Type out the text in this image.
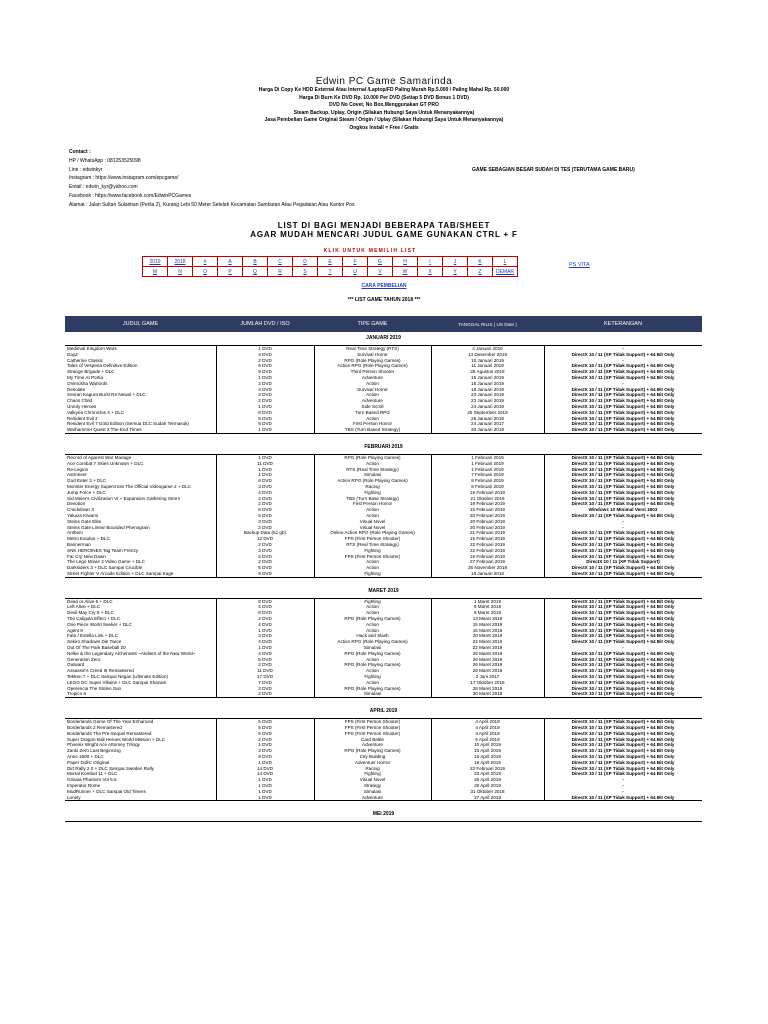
Edwin PC Game Samarinda
Harga Di Copy Ke HDD External Atau Internal /Laptop/FD Paling Murah Rp.5.000 / Paling Mahal Rp. 50.000
Harga Di Burn Ke DVD Rp. 10.000 Per DVD (Setiap 5 DVD Bonus 1 DVD)
DVD No Cover, No Box,Menggunakan GT PRO
Steam Backup, Uplay, Origin (Silakan Hubungi Saya Untuk Menanyakannya)
Jasa Pembelian Game Original Steam / Origin / Uplay (Silakan Hubungi Saya Untuk Menanyakannya)
Ongkos Install = Free / Gratis
Contact :
HP / WhatsApp : 081253525098
Line : edwinkyr
Instagram : https://www.instagram.com/epcgame/
Email : edwin_kyr@yahoo.com
Facebook : https://www.facebook.com/EdwinPCGames
Alamat : Jalan Sultan Sulaiman (Perlia 2), Kurang Lebi 50 Meter Setelah Kecamatan Sambutan Atau Pegadaian Atau Kantor Pos
GAME SEBAGIAN BESAR SUDAH DI TES (TERUTAMA GAME BARU)
LIST DI BAGI MENJADI BEBERAPA TAB/SHEET
AGAR MUDAH MENCARI JUDUL GAME GUNAKAN CTRL + F
KLIK UNTUK MEMILIH LIST
2019	2018	#	A	B	C	D	E	F	G	H	I	J	K	L
M	N	O	P	Q	R	S	T	U	V	W	X	Y	Z	DEMAR
PS VITA
CARA PEMBELIAN
*** LIST GAME TAHUN 2018 ***
JUDUL GAME	JUMLAH DVD / ISO	TIPE GAME	TANGGAL RILIS ( US Date )	KETERANGAN
JANUARI 2019
Medieval Kingdom Wars	1 DVD	Real Time Strategy (RTS)	4 Januari 2019	-
DayZ	4 DVD	Survival Horror	14 Desember 2018	DirectX 10 / 11 (XP Tidak Support) + 64 Bit Only
Catherine Classic	2 DVD	RPG (Role Playing Games)	10 Januari 2019	-
Tales of Vesperia Definitive Edition	6 DVD	Action RPG (Role Playing Games)	11 Januari 2019	DirectX 10 / 11 (XP Tidak Support) + 64 Bit Only
Strange Brigade + DLC	9 DVD	Third Person Shooter	28 Agustus 2018	DirectX 10 / 11 (XP Tidak Support) + 64 Bit Only
My Time At Portia	1 DVD	Adventure	15 Januari 2019	DirectX 10 / 11 (XP Tidak Support) + 64 Bit Only
Onimusha Warlords	2 DVD	Action	15 Januari 2019	-
Desolate	4 DVD	Survival Horror	18 Januari 2019	DirectX 10 / 11 (XP Tidak Support) + 64 Bit Only
Senran Kagura Burst Re:Newal + DLC	3 DVD	Action	23 Januari 2019	DirectX 10 / 11 (XP Tidak Support) + 64 Bit Only
Chaos Child	2 DVD	Adventure	23 Januari 2019	DirectX 10 / 11 (XP Tidak Support) + 64 Bit Only
Unruly Heroes	1 DVD	Side Scroll	24 Januari 2019	DirectX 10 / 11 (XP Tidak Support) + 64 Bit Only
Valkyria Chronicles 4 + DLC	8 DVD	Turn Based RPG	25 September 2018	DirectX 10 / 11 (XP Tidak Support) + 64 Bit Only
Resident Evil 2	6 DVD	Action	25 Januari 2019	DirectX 10 / 11 (XP Tidak Support) + 64 Bit Only
Resident Evil 7 Gold Edition (Semua DLC Sudah Termasuk)	9 DVD	First Person Horror	24 Januari 2017	DirectX 10 / 11 (XP Tidak Support) + 64 Bit Only
Warhammer Quest 2 The End Times	1 DVD	TBS (Turn Based Strategy)	30 Januari 2019	DirectX 10 / 11 (XP Tidak Support) + 64 Bit Only
FEBRUARI 2019
Record of Agarest War Mariage	1 DVD	RPG (Role Playing Games)	1 Februari 2019	DirectX 10 / 11 (XP Tidak Support) + 64 Bit Only
Ace Combat 7 Skies Unknown + DLC	11 DVD	Action	1 Februari 2019	DirectX 10 / 11 (XP Tidak Support) + 64 Bit Only
Re-Legion	1 DVD	RTS (Real Time Strategy)	1 Februari 2019	DirectX 10 / 11 (XP Tidak Support) + 64 Bit Only
Astroneer	1 DVD	Simulasi	7 Februari 2019	DirectX 10 / 11 (XP Tidak Support) + 64 Bit Only
God Eater 3 + DLC	6 DVD	Action RPG (Role Playing Games)	8 Februari 2019	DirectX 10 / 11 (XP Tidak Support) + 64 Bit Only
Monster Energy Supercross The Official Videogame 2 + DLC	3 DVD	Racing	8 Februari 2019	DirectX 10 / 11 (XP Tidak Support) + 64 Bit Only
Jump Force + DLC	4 DVD	Fighting	15 Februari 2019	DirectX 10 / 11 (XP Tidak Support) + 64 Bit Only
Sid Meier's Civilization VI + Expansion Gathering Storm	4 DVD	TBS (Turn Base Strategy)	21 Oktober 2016	DirectX 10 / 11 (XP Tidak Support) + 64 Bit Only
Devotion	2 DVD	First Person Horror	19 Februari 2019	DirectX 10 / 11 (XP Tidak Support) + 64 Bit Only
Crackdown 3	6 DVD	Action	15 Februari 2019	Windows 10 Minimal Versi 1803
Yakuza Kiwami	5 DVD	Action	20 Februari 2019	DirectX 10 / 11 (XP Tidak Support) + 64 Bit Only
Steins Gate Elite	3 DVD	Visual Novel	20 Februari 2019	-
Steins Gate Linear Bounded Phenogram	2 DVD	Visual Novel	20 Februari 2019	-
Anthem	Backup Data (51 gb)	Online Action RPG (Role Playing Games)	21 Februari 2019	DirectX 10 / 11 (XP Tidak Support) + 64 Bit Only
Metro Exodus + DLC	12 DVD	FPS (First Person Shooter)	15 Februari 2019	DirectX 10 / 11 (XP Tidak Support) + 64 Bit Only
Bannerman	2 DVD	RTS (Real Time Strategy)	22 Februari 2019	DirectX 10 / 11 (XP Tidak Support) + 64 Bit Only
SNK HEROINES Tag Team Frenzy	3 DVD	Fighting	22 Februari 2019	DirectX 10 / 11 (XP Tidak Support) + 64 Bit Only
Far Cry New Dawn	5 DVD	FPS (First Person Shooter)	16 Februari 2019	DirectX 10 / 11 (XP Tidak Support) + 64 Bit Only
The Lego Movie 2 Video Game + DLC	2 DVD	Action	27 Februari 2019	DirectX 10 / 11 (XP Tidak Support)
Darksiders 3 + DLC Sampai Crucible	5 DVD	Action	26 November 2018	DirectX 10 / 11 (XP Tidak Support) + 64 Bit Only
Street Fighter V Arcade Edition + DLC Sampai Kage	9 DVD	Fighting	16 Januari 2018	DirectX 10 / 11 (XP Tidak Support) + 64 Bit Only
MARET 2019
Dead or Alive 6 + DLC	8 DVD	Fighting	1 Maret 2019	DirectX 10 / 11 (XP Tidak Support) + 64 Bit Only
Left Alive + DLC	4 DVD	Action	6 Maret 2019	DirectX 10 / 11 (XP Tidak Support) + 64 Bit Only
Devil May Cry 5 + DLC	8 DVD	Action	8 Maret 2019	DirectX 10 / 11 (XP Tidak Support) + 64 Bit Only
The Caligula Effect + DLC	2 DVD	RPG (Role Playing Games)	13 Maret 2019	DirectX 10 / 11 (XP Tidak Support) + 64 Bit Only
One Piece World Seeker + DLC	4 DVD	Action	15 Maret 2019	DirectX 10 / 11 (XP Tidak Support) + 64 Bit Only
Agent 9	1 DVD	Action	15 Maret 2019	DirectX 10 / 11 (XP Tidak Support) + 64 Bit Only
Fate / Extella Link + DLC	3 DVD	Hack and Slash	20 Maret 2019	DirectX 10 / 11 (XP Tidak Support) + 64 Bit Only
Sekiro Shadows Die Twice	4 DVD	Action RPG (Role Playing Games)	22 Maret 2019	DirectX 10 / 11 (XP Tidak Support) + 64 Bit Only
Out Of The Park Baseball 20	1 DVD	Simulasi	22 Maret 2019	-
Nelke & the Legendary Alchemists ~Ateliers of the New World~	4 DVD	RPG (Role Playing Games)	26 Maret 2019	DirectX 10 / 11 (XP Tidak Support) + 64 Bit Only
Generation Zero	5 DVD	Action	26 Maret 2019	DirectX 10 / 11 (XP Tidak Support) + 64 Bit Only
Outward	2 DVD	RPG (Role Playing Games)	26 Maret 2019	DirectX 10 / 11 (XP Tidak Support) + 64 Bit Only
Assassin's Creed III Remastered	11 DVD	Action	29 Maret 2019	DirectX 10 / 11 (XP Tidak Support) + 64 Bit Only
Tekken 7 + DLC Sampai Negan (Ultimate Edition)	17 DVD	Fighting	2 Juni 2017	DirectX 10 / 11 (XP Tidak Support) + 64 Bit Only
LEGO DC Super Villains + DLC Sampai Shazam	7 DVD	Action	17 Oktober 2018	DirectX 10 / 11 (XP Tidak Support) + 64 Bit Only
Operencia The Stolen Sun	3 DVD	RPG (Role Playing Games)	28 Maret 2019	DirectX 10 / 11 (XP Tidak Support) + 64 Bit Only
Tropico 6	2 DVD	Simulasi	30 Maret 2019	DirectX 10 / 11 (XP Tidak Support) + 64 Bit Only
APRIL 2019
Borderlands Game Of The Year Enhanced	5 DVD	FPS (First Person Shooter)	4 April 2019	DirectX 10 / 11 (XP Tidak Support) + 64 Bit Only
Borderlands 2 Remastered	5 DVD	FPS (First Person Shooter)	4 April 2019	DirectX 10 / 11 (XP Tidak Support) + 64 Bit Only
Borderlands The Pre-Sequel Remastered	5 DVD	FPS (First Person Shooter)	4 April 2019	DirectX 10 / 11 (XP Tidak Support) + 64 Bit Only
Super Dragon Ball Heroes World Mission + DLC	2 DVD	Card Battle	5 April 2019	DirectX 10 / 11 (XP Tidak Support) + 64 Bit Only
Phoenix Wright Ace Attorney Trilogy	1 DVD	Adventure	10 April 2019	DirectX 10 / 11 (XP Tidak Support) + 64 Bit Only
Zanki Zero Last Beginning	3 DVD	RPG (Role Playing Games)	10 April 2019	DirectX 10 / 11 (XP Tidak Support) + 64 Bit Only
Anno 1800 + DLC	9 DVD	City Building	16 April 2019	DirectX 10 / 11 (XP Tidak Support) + 64 Bit Only
Paper Dolls: Original	1 DVD	Adventuer Horror	19 April 2019	DirectX 10 / 11 (XP Tidak Support) + 64 Bit Only
Dirt Rally 2.0 + DLC Sampai Sweden Rally	14 DVD	Racing	22 Februari 2019	DirectX 10 / 11 (XP Tidak Support) + 64 Bit Only
Mortal Kombat 11 + DLC	14 DVD	Fighting	23 April 2019	DirectX 10 / 11 (XP Tidak Support) + 64 Bit Only
Grisaia Phantom Vol 5.5	1 DVD	Visual Novel	26 April 2019	-
Imperator Rome	1 DVD	Strategy	26 April 2019	-
MudRunner + DLC Sampai Old Timers	1 DVD	Simulasi	31 Oktober 2018	-
Lonely	1 DVD	Adventure	27 April 2019	DirectX 10 / 11 (XP Tidak Support) + 64 Bit Only
MEI 2019
